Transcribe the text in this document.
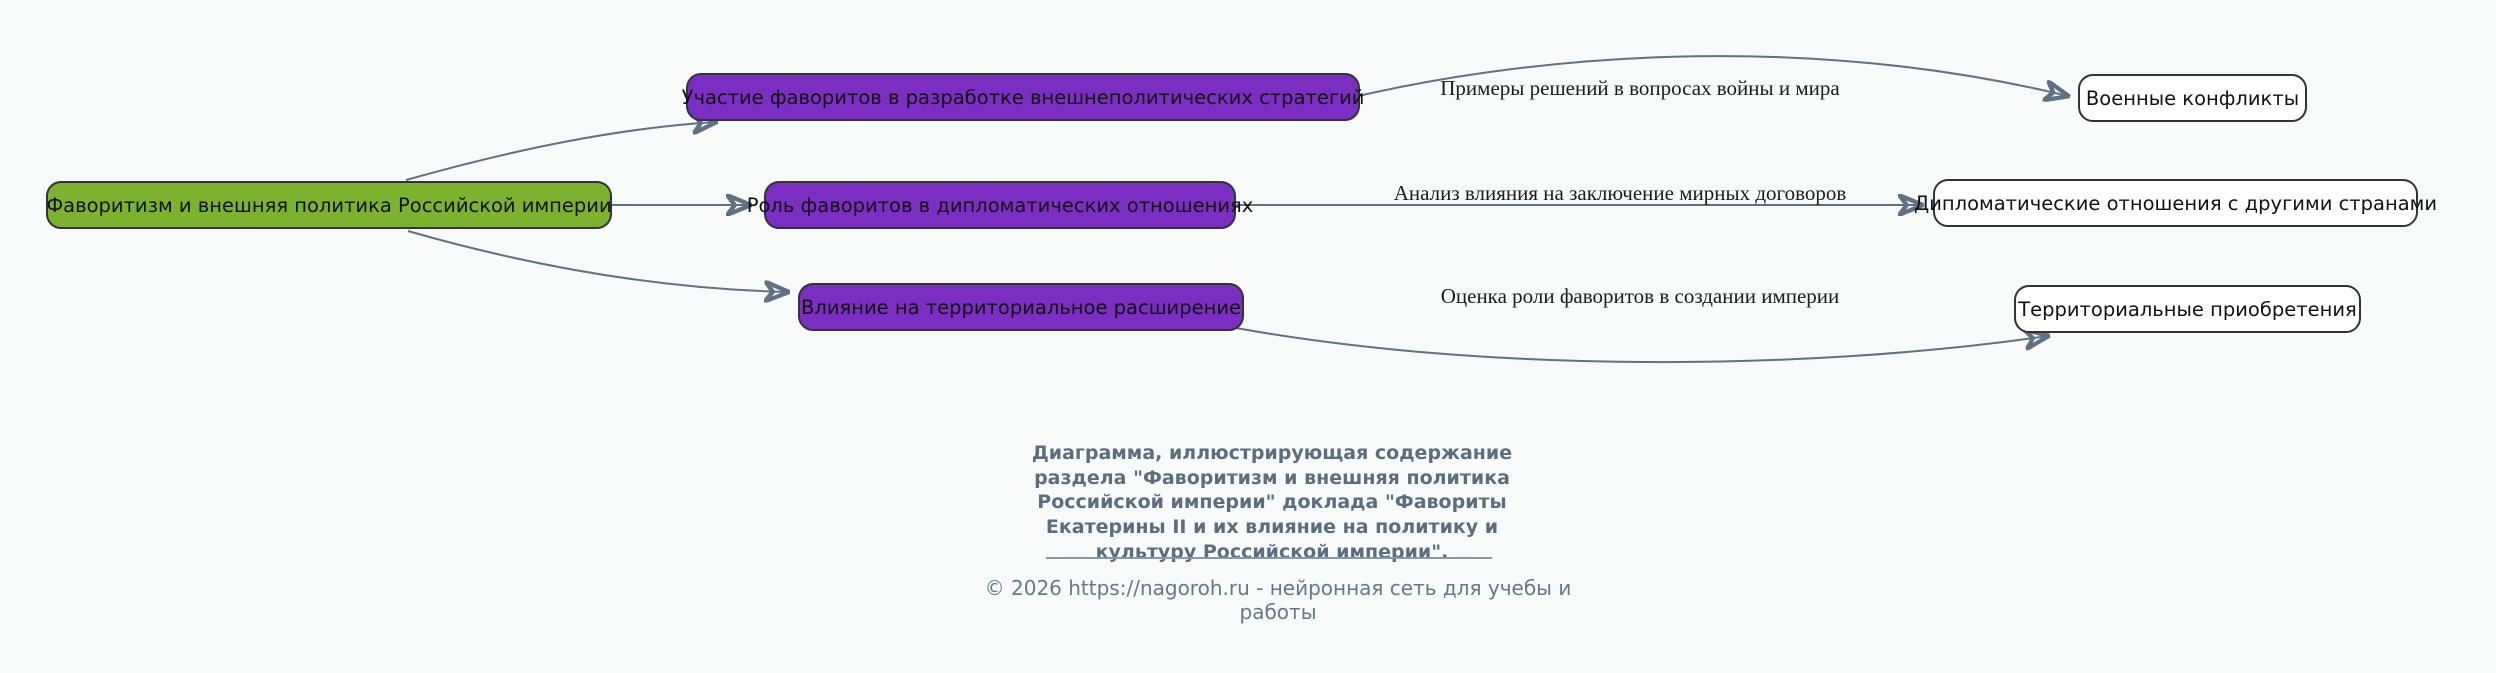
Фаворитизм и внешняя политика Российской империи
Участие фаворитов в разработке внешнеполитических стратегий
Роль фаворитов в дипломатических отношениях
Влияние на территориальное расширение
Военные конфликты
Дипломатические отношения с другими странами
Территориальные приобретения
Примеры решений в вопросах войны и мира
Анализ влияния на заключение мирных договоров
Оценка роли фаворитов в создании империи
Диаграмма, иллюстрирующая содержание раздела "Фаворитизм и внешняя политика Российской империи" доклада "Фавориты Екатерины II и их влияние на политику и культуру Российской империи".
© 2026 https://nagoroh.ru - нейронная сеть для учебы и работы
